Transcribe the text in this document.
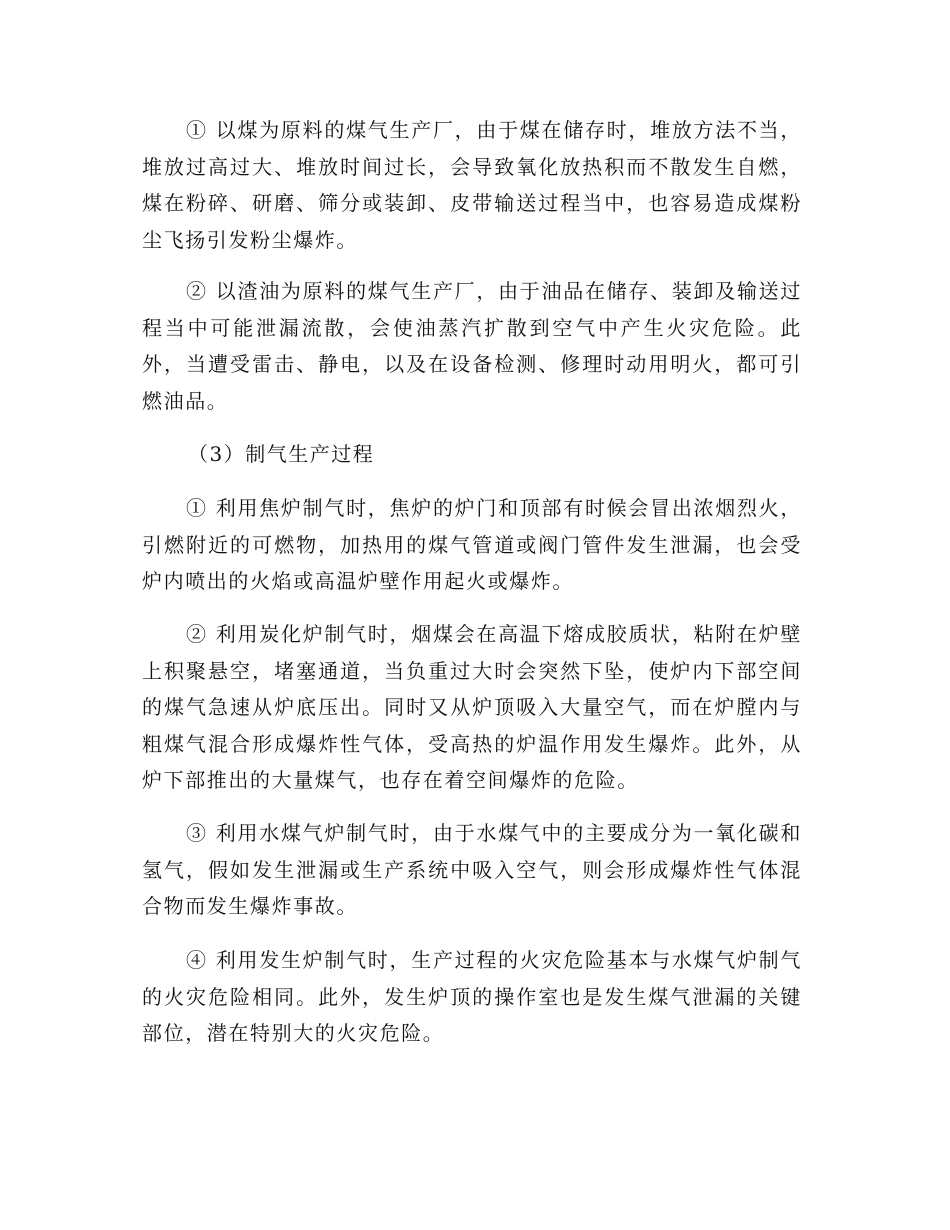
① 以煤为原料的煤气生产厂，由于煤在储存时，堆放方法不当，堆放过高过大、堆放时间过长，会导致氧化放热积而不散发生自燃，煤在粉碎、研磨、筛分或装卸、皮带输送过程当中，也容易造成煤粉尘飞扬引发粉尘爆炸。

② 以渣油为原料的煤气生产厂，由于油品在储存、装卸及输送过程当中可能泄漏流散，会使油蒸汽扩散到空气中产生火灾危险。此外，当遭受雷击、静电，以及在设备检测、修理时动用明火，都可引燃油品。

（3）制气生产过程

① 利用焦炉制气时，焦炉的炉门和顶部有时候会冒出浓烟烈火，引燃附近的可燃物，加热用的煤气管道或阀门管件发生泄漏，也会受炉内喷出的火焰或高温炉壁作用起火或爆炸。

② 利用炭化炉制气时，烟煤会在高温下熔成胶质状，粘附在炉壁上积聚悬空，堵塞通道，当负重过大时会突然下坠，使炉内下部空间的煤气急速从炉底压出。同时又从炉顶吸入大量空气，而在炉膛内与粗煤气混合形成爆炸性气体，受高热的炉温作用发生爆炸。此外，从炉下部推出的大量煤气，也存在着空间爆炸的危险。

③ 利用水煤气炉制气时，由于水煤气中的主要成分为一氧化碳和氢气，假如发生泄漏或生产系统中吸入空气，则会形成爆炸性气体混合物而发生爆炸事故。

④ 利用发生炉制气时，生产过程的火灾危险基本与水煤气炉制气的火灾危险相同。此外，发生炉顶的操作室也是发生煤气泄漏的关键部位，潜在特别大的火灾危险。
